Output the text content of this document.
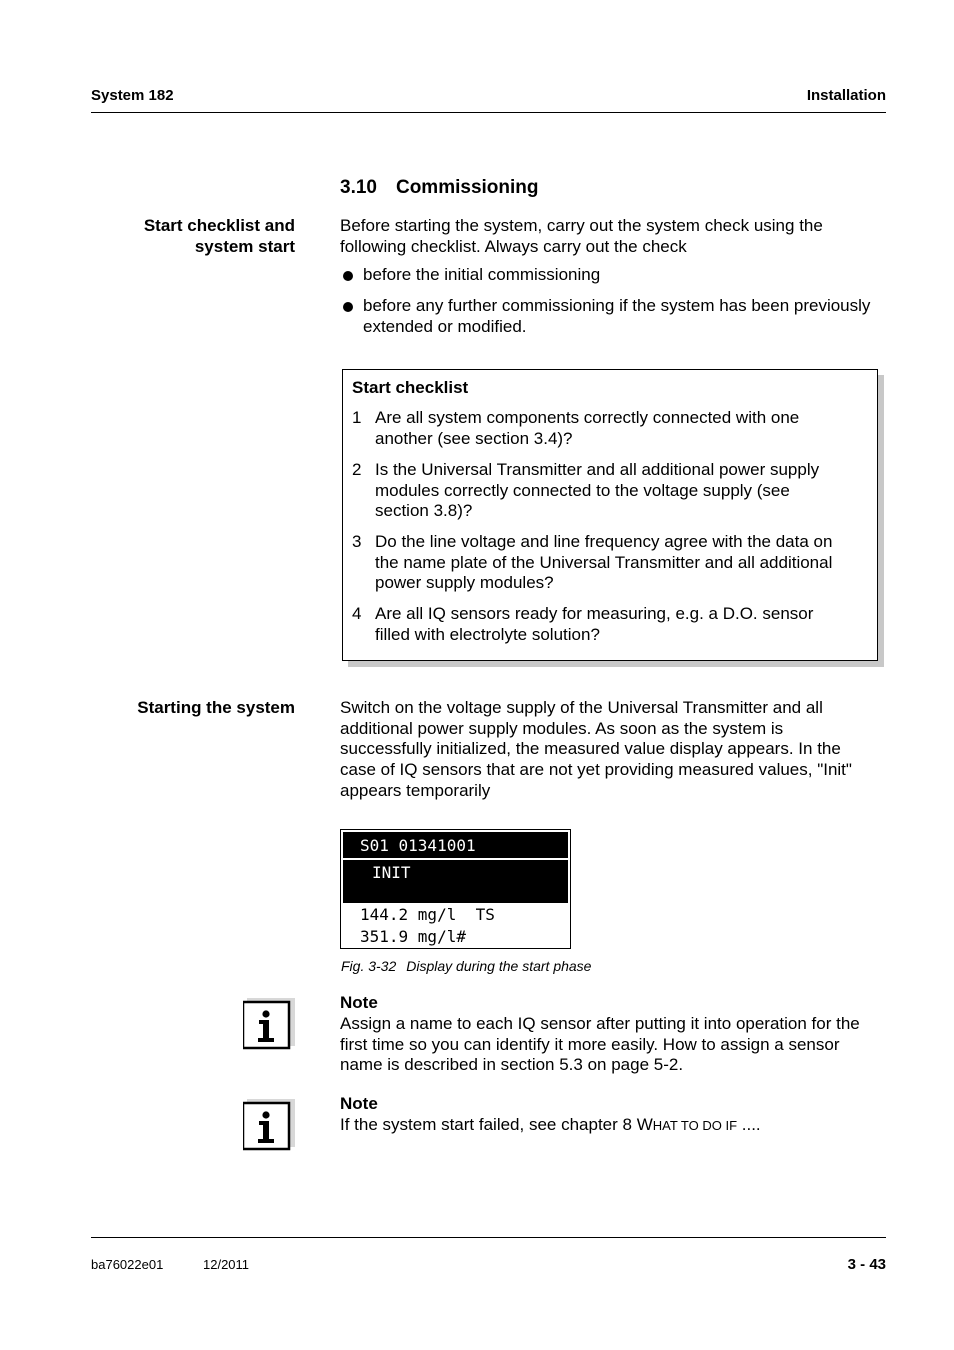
System 182	Installation
3.10 Commissioning
Start checklist and
system start
Before starting the system, carry out the system check using the
following checklist. Always carry out the check
before the initial commissioning
before any further commissioning if the system has been previously
extended or modified.
Start checklist
1 Are all system components correctly connected with one
another (see section 3.4)?
2 Is the Universal Transmitter and all additional power supply
modules correctly connected to the voltage supply (see
section 3.8)?
3 Do the line voltage and line frequency agree with the data on
the name plate of the Universal Transmitter and all additional
power supply modules?
4 Are all IQ sensors ready for measuring, e.g. a D.O. sensor
filled with electrolyte solution?
Starting the system	Switch on the voltage supply of the Universal Transmitter and all
additional power supply modules. As soon as the system is
successfully initialized, the measured value display appears. In the
case of IQ sensors that are not yet providing measured values, "Init"
appears temporarily
S01 01341001
INIT
144.2 mg/l  TS
351.9 mg/l#
Fig. 3-32 Display during the start phase
Note
Assign a name to each IQ sensor after putting it into operation for the
first time so you can identify it more easily. How to assign a sensor
name is described in section 5.3 on page 5-2.
Note
If the system start failed, see chapter 8 WHAT TO DO IF ....
ba76022e01	12/2011	3 - 43
